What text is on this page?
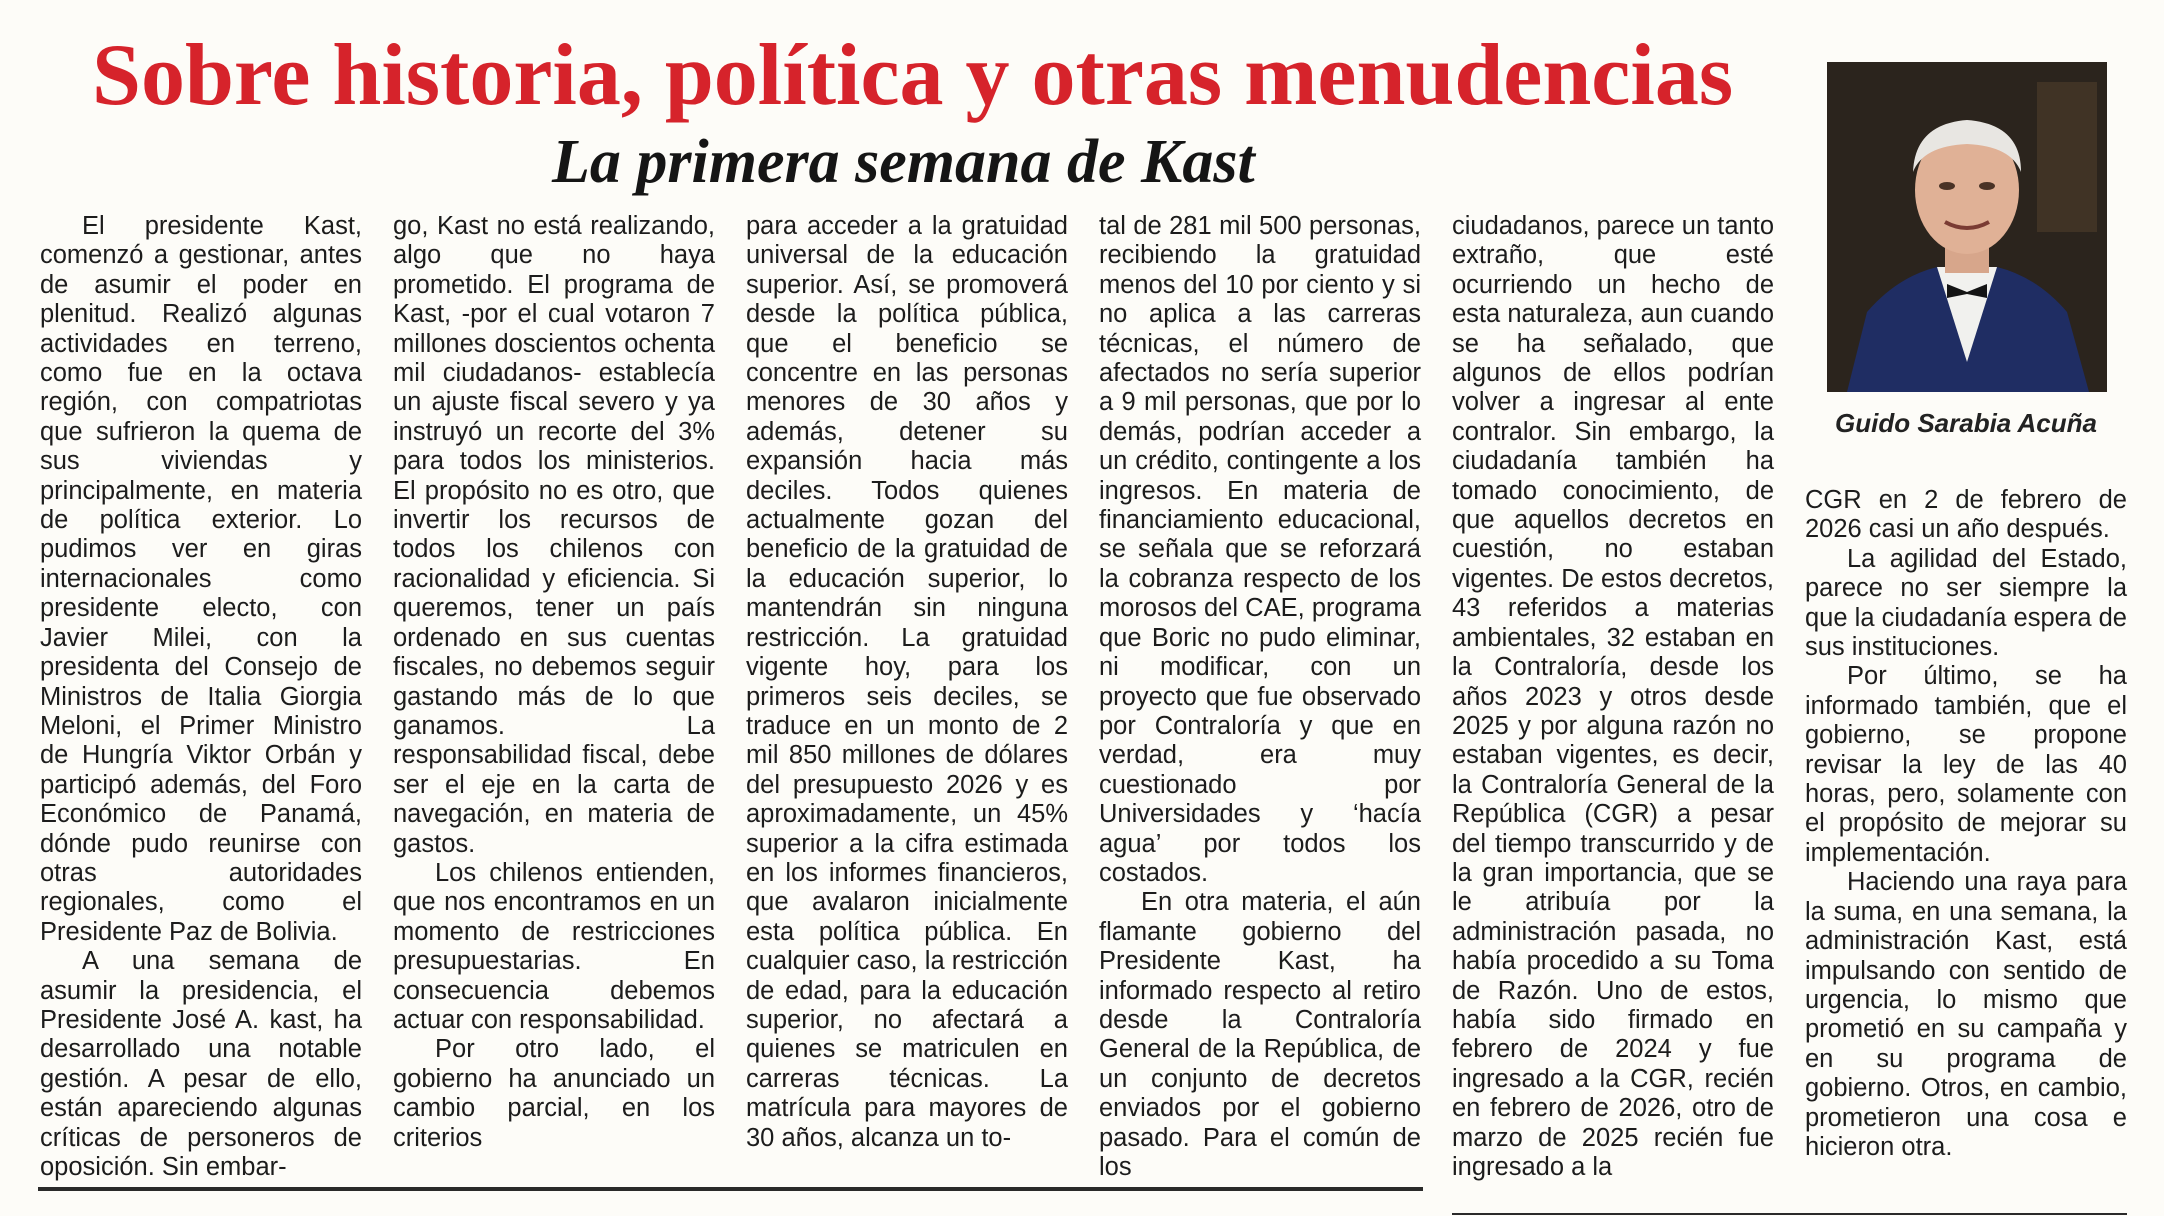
Sobre historia, política y otras menudencias
La primera semana de Kast

El presidente Kast, comenzó a gestionar, antes de asumir el poder en plenitud. Realizó algunas actividades en terreno, como fue en la octava región, con compatriotas que sufrieron la quema de sus viviendas y principalmente, en materia de política exterior. Lo pudimos ver en giras internacionales como presidente electo, con Javier Milei, con la presidenta del Consejo de Ministros de Italia Giorgia Meloni, el Primer Ministro de Hungría Viktor Orbán y participó además, del Foro Económico de Panamá, dónde pudo reunirse con otras autoridades regionales, como el Presidente Paz de Bolivia.

A una semana de asumir la presidencia, el Presidente José A. kast, ha desarrollado una notable gestión. A pesar de ello, están apareciendo algunas críticas de personeros de oposición. Sin embar-

go, Kast no está realizando, algo que no haya prometido. El programa de Kast, -por el cual votaron 7 millones doscientos ochenta mil ciudadanos- establecía un ajuste fiscal severo y ya instruyó un recorte del 3% para todos los ministerios. El propósito no es otro, que invertir los recursos de todos los chilenos con racionalidad y eficiencia. Si queremos, tener un país ordenado en sus cuentas fiscales, no debemos seguir gastando más de lo que ganamos. La responsabilidad fiscal, debe ser el eje en la carta de navegación, en materia de gastos.

Los chilenos entienden, que nos encontramos en un momento de restricciones presupuestarias. En consecuencia debemos actuar con responsabilidad.

Por otro lado, el gobierno ha anunciado un cambio parcial, en los criterios

para acceder a la gratuidad universal de la educación superior. Así, se promoverá desde la política pública, que el beneficio se concentre en las personas menores de 30 años y además, detener su expansión hacia más deciles. Todos quienes actualmente gozan del beneficio de la gratuidad de la educación superior, lo mantendrán sin ninguna restricción. La gratuidad vigente hoy, para los primeros seis deciles, se traduce en un monto de 2 mil 850 millones de dólares del presupuesto 2026 y es aproximadamente, un 45% superior a la cifra estimada en los informes financieros, que avalaron inicialmente esta política pública. En cualquier caso, la restricción de edad, para la educación superior, no afectará a quienes se matriculen en carreras técnicas. La matrícula para mayores de 30 años, alcanza un to-

tal de 281 mil 500 personas, recibiendo la gratuidad menos del 10 por ciento y si no aplica a las carreras técnicas, el número de afectados no sería superior a 9 mil personas, que por lo demás, podrían acceder a un crédito, contingente a los ingresos. En materia de financiamiento educacional, se señala que se reforzará la cobranza respecto de los morosos del CAE, programa que Boric no pudo eliminar, ni modificar, con un proyecto que fue observado por Contraloría y que en verdad, era muy cuestionado por Universidades y ‘hacía agua’ por todos los costados.

En otra materia, el aún flamante gobierno del Presidente Kast, ha informado respecto al retiro desde la Contraloría General de la República, de un conjunto de decretos enviados por el gobierno pasado. Para el común de los

ciudadanos, parece un tanto extraño, que esté ocurriendo un hecho de esta naturaleza, aun cuando se ha señalado, que algunos de ellos podrían volver a ingresar al ente contralor. Sin embargo, la ciudadanía también ha tomado conocimiento, de que aquellos decretos en cuestión, no estaban vigentes. De estos decretos, 43 referidos a materias ambientales, 32 estaban en la Contraloría, desde los años 2023 y otros desde 2025 y por alguna razón no estaban vigentes, es decir, la Contraloría General de la República (CGR) a pesar del tiempo transcurrido y de la gran importancia, que se le atribuía por la administración pasada, no había procedido a su Toma de Razón. Uno de estos, había sido firmado en febrero de 2024 y fue ingresado a la CGR, recién en febrero de 2026, otro de marzo de 2025 recién fue ingresado a la

Guido Sarabia Acuña

CGR en 2 de febrero de 2026 casi un año después.

La agilidad del Estado, parece no ser siempre la que la ciudadanía espera de sus instituciones.

Por último, se ha informado también, que el gobierno, se propone revisar la ley de las 40 horas, pero, solamente con el propósito de mejorar su implementación.

Haciendo una raya para la suma, en una semana, la administración Kast, está impulsando con sentido de urgencia, lo mismo que prometió en su campaña y en su programa de gobierno. Otros, en cambio, prometieron una cosa e hicieron otra.
